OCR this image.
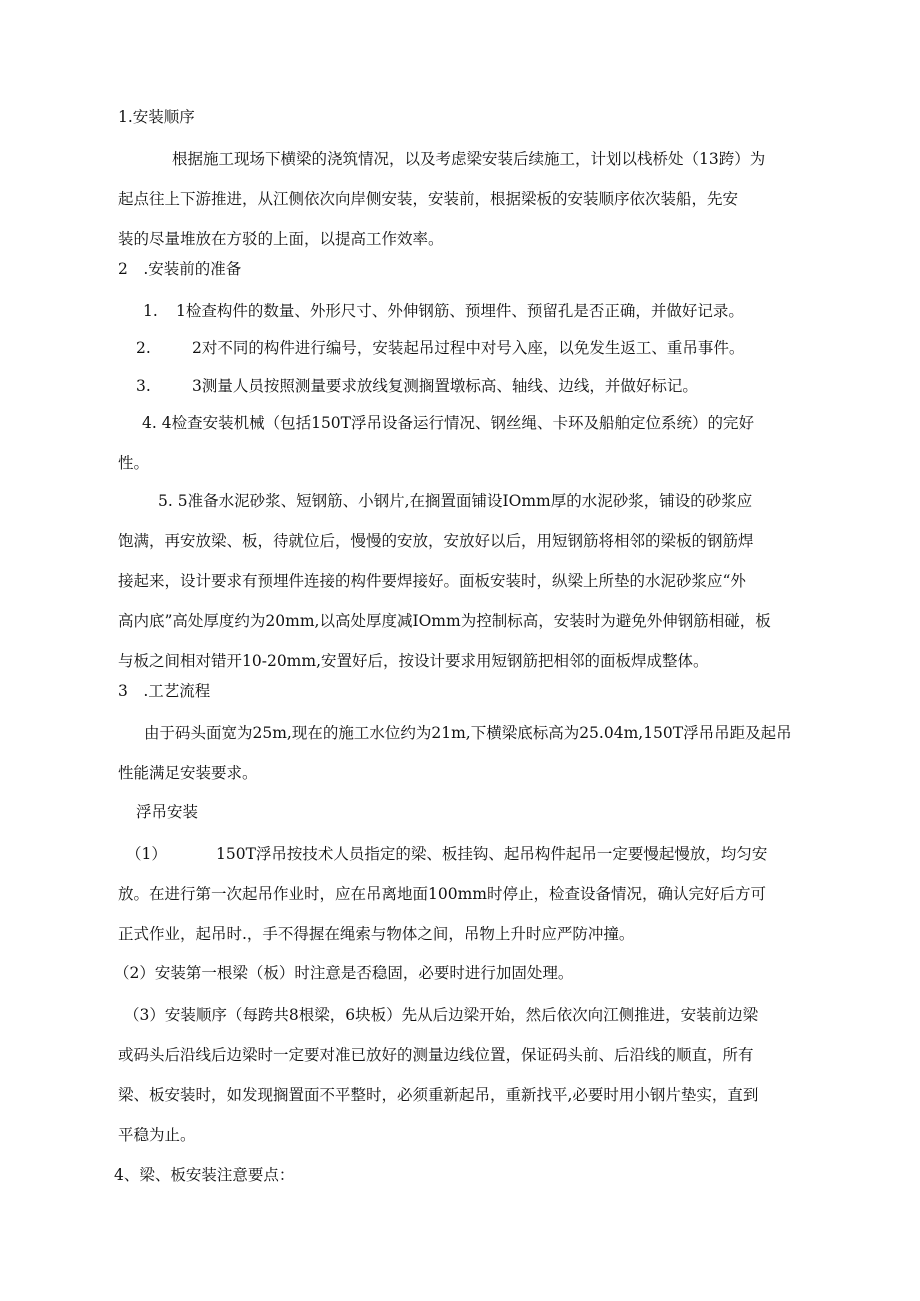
1.安装顺序

根据施工现场下横梁的浇筑情况，以及考虑梁安装后续施工，计划以栈桥处（13跨）为
起点往上下游推进，从江侧依次向岸侧安装，安装前，根据梁板的安装顺序依次装船，先安
装的尽量堆放在方驳的上面，以提高工作效率。

2　.安装前的准备

1. 1检查构件的数量、外形尺寸、外伸钢筋、预埋件、预留孔是否正确，并做好记录。

2.	2对不同的构件进行编号，安装起吊过程中对号入座，以免发生返工、重吊事件。

3.	3测量人员按照测量要求放线复测搁置墩标高、轴线、边线，并做好标记。

4. 4检查安装机械（包括150T浮吊设备运行情况、钢丝绳、卡环及船舶定位系统）的完好
性。
5. 5准备水泥砂浆、短钢筋、小钢片,在搁置面铺设IOmm厚的水泥砂浆，铺设的砂浆应
饱满，再安放梁、板，待就位后，慢慢的安放，安放好以后，用短钢筋将相邻的梁板的钢筋焊
接起来，设计要求有预埋件连接的构件要焊接好。面板安装时，纵梁上所垫的水泥砂浆应“外
高内底”高处厚度约为20mm,以高处厚度减IOmm为控制标高，安装时为避免外伸钢筋相碰，板
与板之间相对错开10-20mm,安置好后，按设计要求用短钢筋把相邻的面板焊成整体。

3　.工艺流程

由于码头面宽为25m,现在的施工水位约为21m,下横梁底标高为25.04m,150T浮吊吊距及起吊
性能满足安装要求。

浮吊安装

（1）	150T浮吊按技术人员指定的梁、板挂钩、起吊构件起吊一定要慢起慢放，均匀安
放。在进行第一次起吊作业时，应在吊离地面100mm时停止，检查设备情况，确认完好后方可
正式作业，起吊时.，手不得握在绳索与物体之间，吊物上升时应严防冲撞。

（2）安装第一根梁（板）时注意是否稳固，必要时进行加固处理。

（3）安装顺序（每跨共8根梁，6块板）先从后边梁开始，然后依次向江侧推进，安装前边梁
或码头后沿线后边梁时一定要对准已放好的测量边线位置，保证码头前、后沿线的顺直，所有
梁、板安装时，如发现搁置面不平整时，必须重新起吊，重新找平,必要时用小钢片垫实，直到
平稳为止。

4、梁、板安装注意要点：
